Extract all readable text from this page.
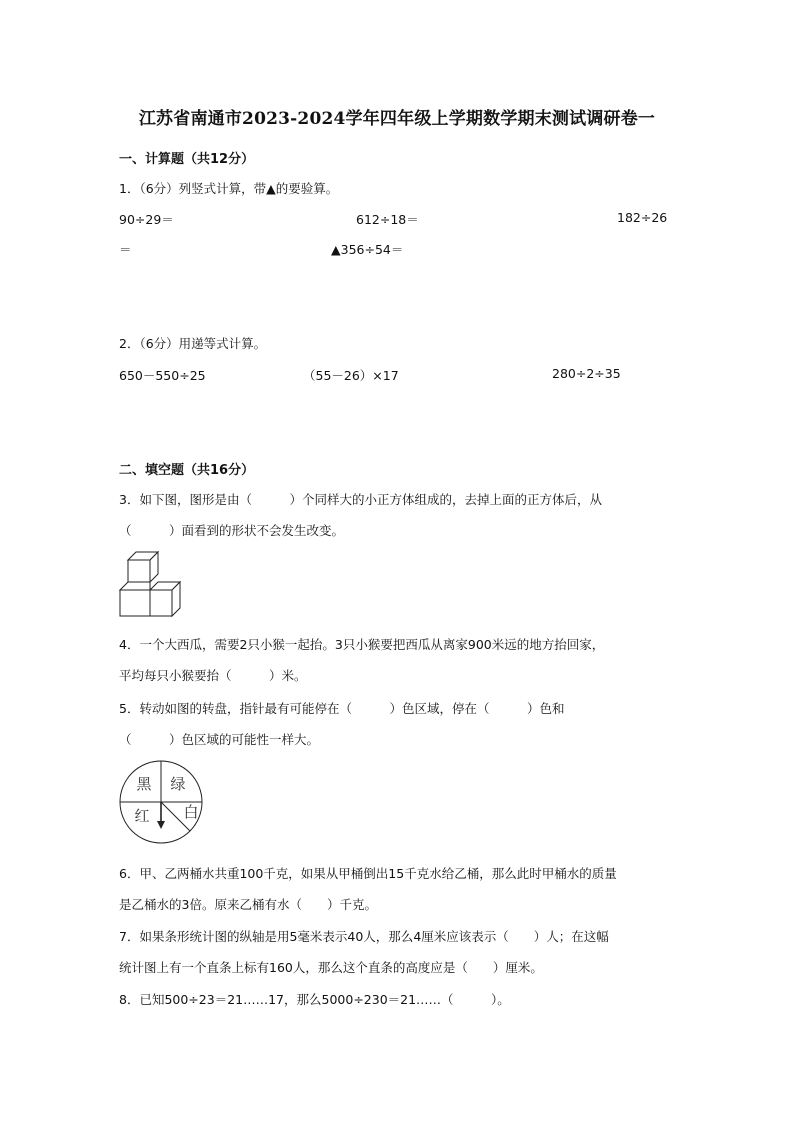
江苏省南通市2023-2024学年四年级上学期数学期末测试调研卷一
一、计算题（共12分）
1．（6分）列竖式计算，带▲的要验算。
90÷29＝	612÷18＝	182÷26
＝	▲356÷54＝
2．（6分）用递等式计算。
650－550÷25	（55－26）×17	280÷2÷35
二、填空题（共16分）
3．如下图，图形是由（　　　）个同样大的小正方体组成的，去掉上面的正方体后，从
（　　　）面看到的形状不会发生改变。
4．一个大西瓜，需要2只小猴一起抬。3只小猴要把西瓜从离家900米远的地方抬回家，
平均每只小猴要抬（　　　）米。
5．转动如图的转盘，指针最有可能停在（　　　）色区域，停在（　　　）色和
（　　　）色区域的可能性一样大。
黑 绿
红 白
6．甲、乙两桶水共重100千克，如果从甲桶倒出15千克水给乙桶，那么此时甲桶水的质量
是乙桶水的3倍。原来乙桶有水（　　）千克。
7．如果条形统计图的纵轴是用5毫米表示40人，那么4厘米应该表示（　　）人；在这幅
统计图上有一个直条上标有160人，那么这个直条的高度应是（　　）厘米。
8．已知500÷23＝21……17，那么5000÷230＝21……（　　　）。
